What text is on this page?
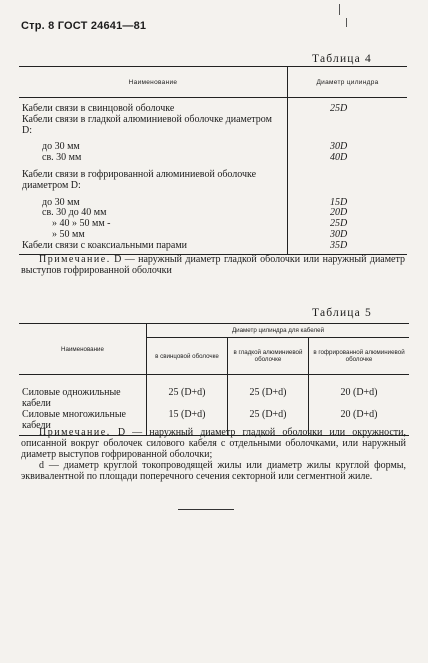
Стр. 8 ГОСТ 24641—81
Таблица 4
Наименование	Диаметр цилиндра

Кабели связи в свинцовой оболочке	25D
Кабели связи в гладкой алюминиевой оболочке диаметром D:	

до 30 мм	30D
св. 30 мм	40D

Кабели связи в гофрированной алюминиевой оболочке диаметром D:	

до 30 мм	15D
св. 30 до 40 мм	20D
» 40 » 50 мм -	25D
» 50 мм	30D
Кабели связи с коаксиальными парами	35D
Примечание. D — наружный диаметр гладкой оболочки или наружный диаметр выступов гофрированной оболочки
Таблица 5
Наименование	Диаметр цилиндра для кабелей		
	в свинцовой оболочке	в гладкой алюминиевой оболочке	в гофрированной алюминиевой оболочке

Силовые одножильные кабели	25 (D+d)	25 (D+d)	20 (D+d)
Силовые многожильные кабели	15 (D+d)	25 (D+d)	20 (D+d)
Примечание. D — наружный диаметр гладкой оболочки или окружности, описанной вокруг оболочек силового кабеля с отдельными оболочками, или наружный диаметр выступов гофрированной оболочки;
d — диаметр круглой токопроводящей жилы или диаметр жилы круглой формы, эквивалентной по площади поперечного сечения секторной или сегментной жиле.
